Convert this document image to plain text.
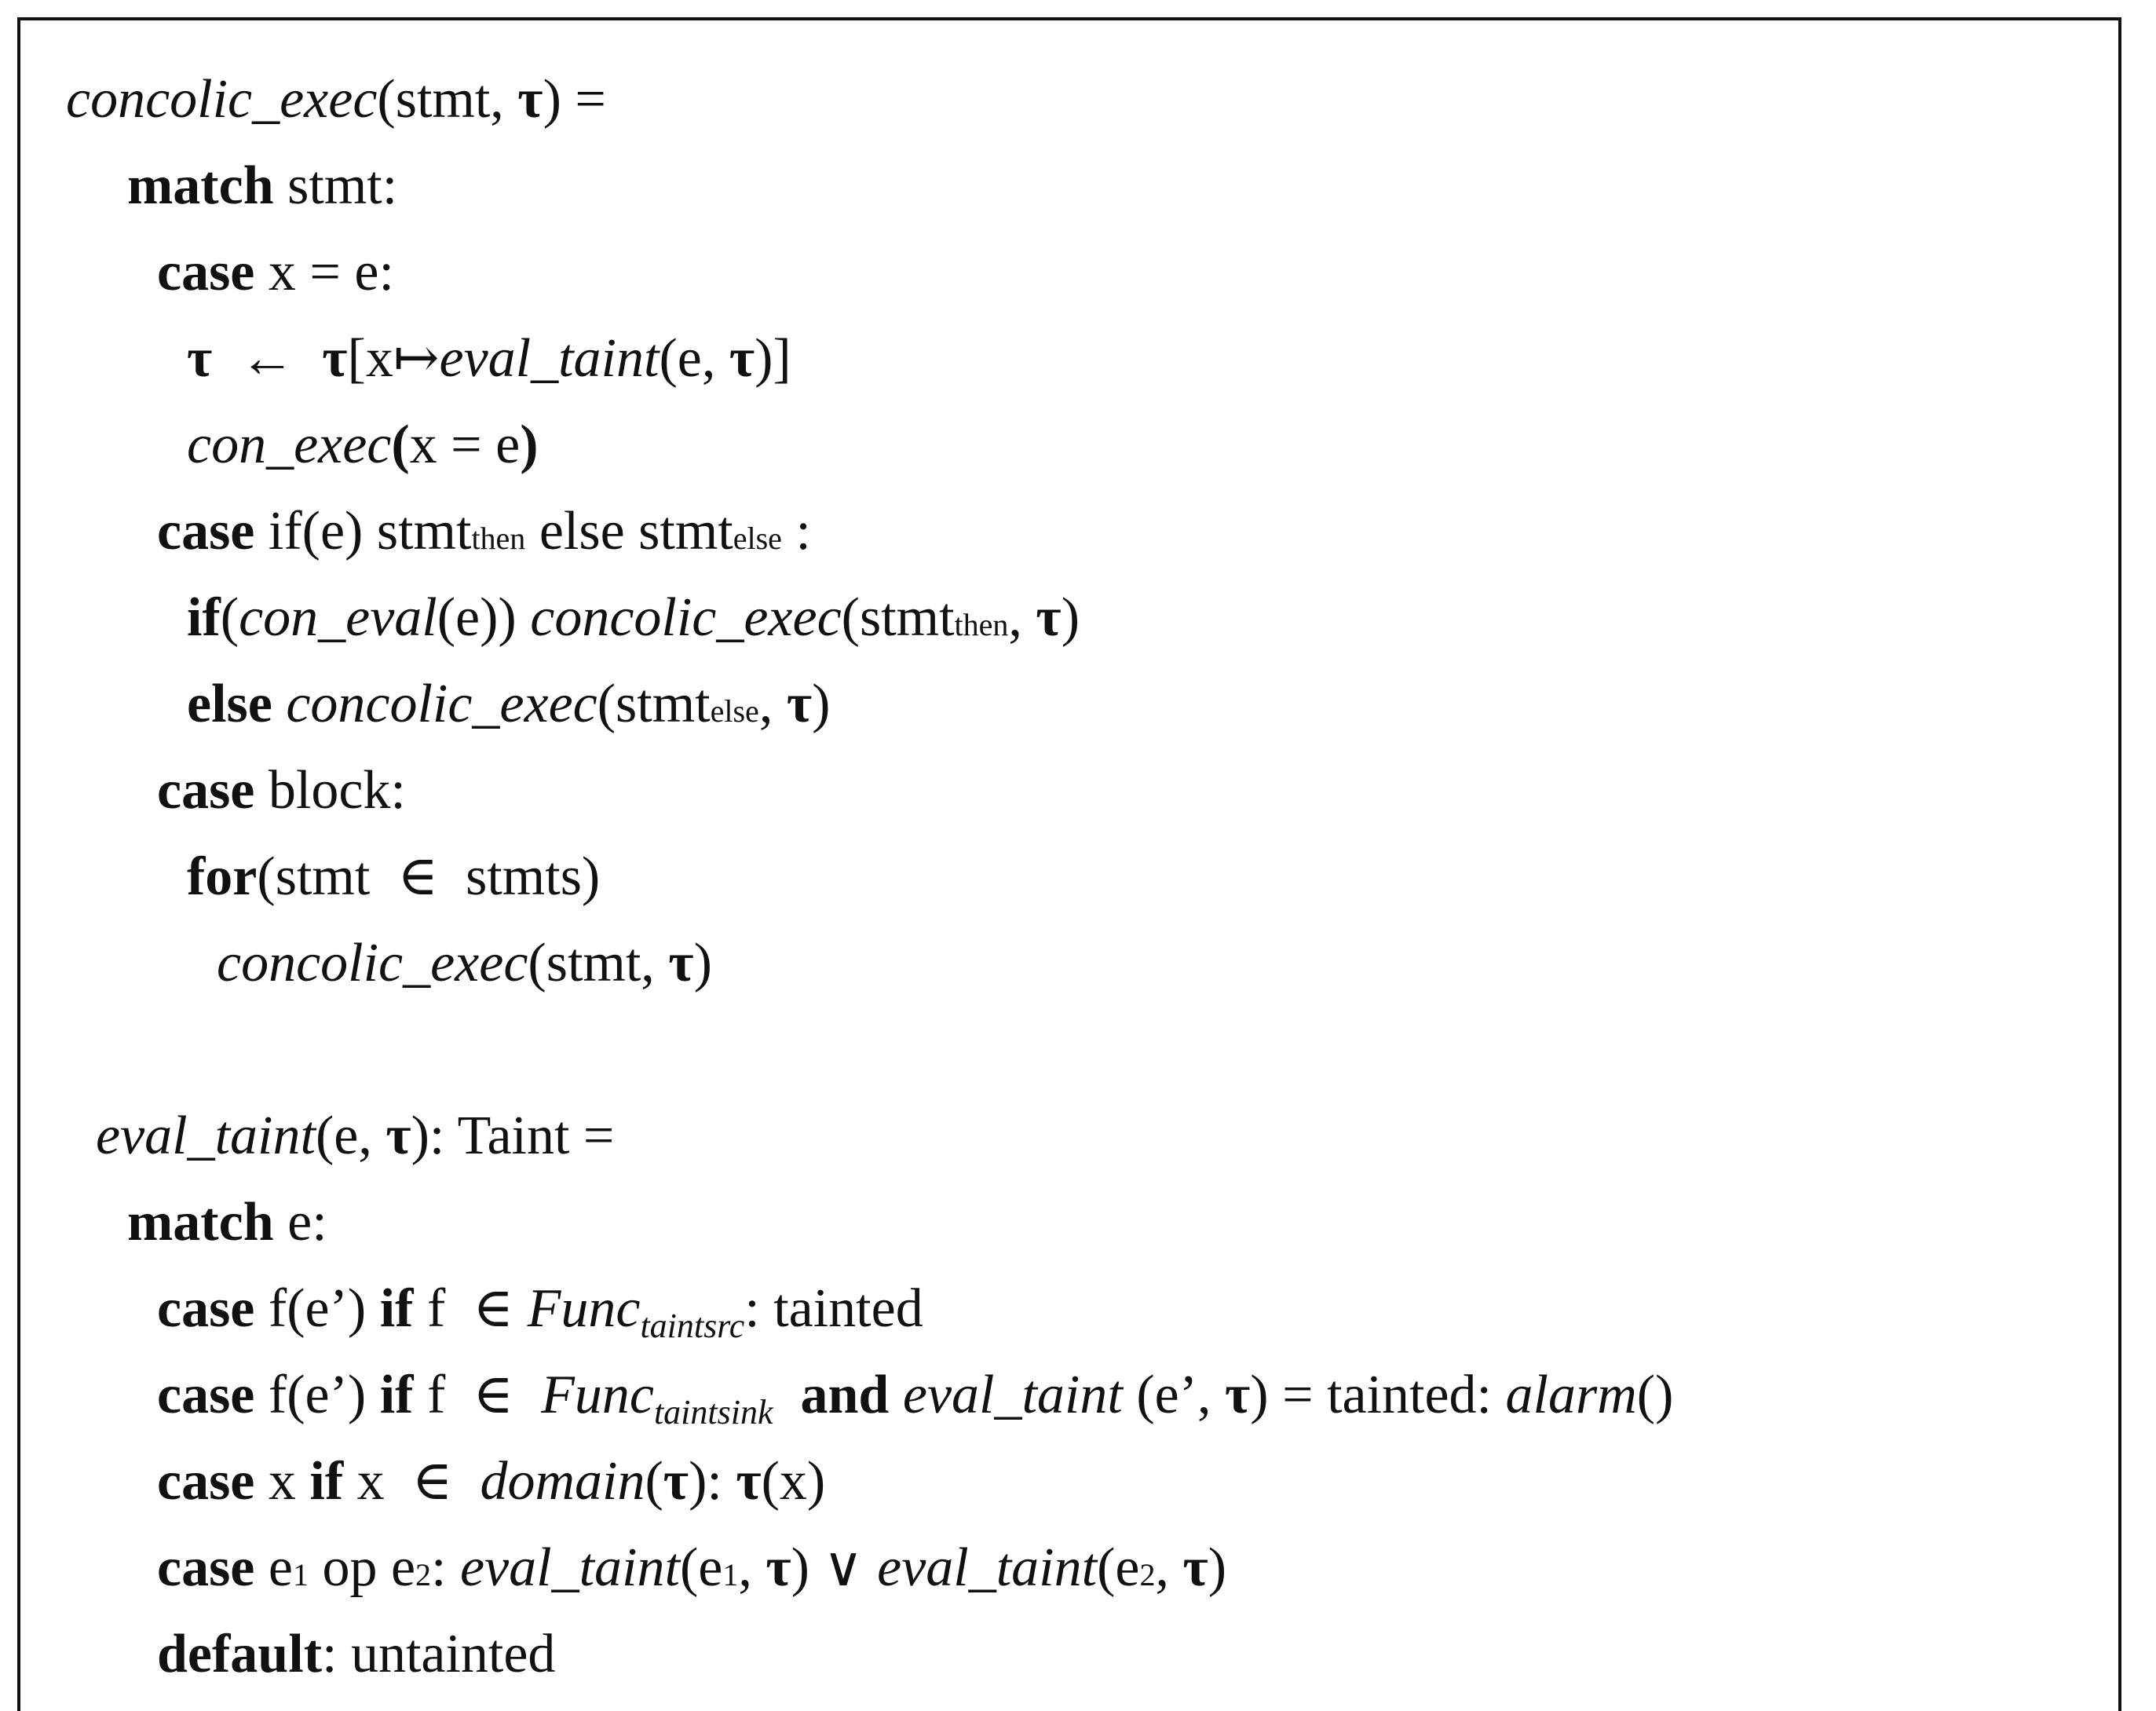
concolic_exec(stmt, τ) =
match stmt:
case x = e:
τ  ←  τ[x↦eval_taint(e, τ)]
con_exec(x = e)
case if(e) stmtthen else stmtelse :
if(con_eval(e)) concolic_exec(stmtthen, τ)
else concolic_exec(stmtelse, τ)
case block:
for(stmt  ∈  stmts)
concolic_exec(stmt, τ)
eval_taint(e, τ): Taint =
match e:
case f(e’) if f  ∈ Func$_{taintsrc}$: tainted
case f(e’) if f  ∈  Func$_{taintsink}$ and eval_taint (e’, τ) = tainted: alarm()
case x if x  ∈  domain(τ): τ(x)
case e1 op e2: eval_taint(e1, τ) ∨ eval_taint(e2, τ)
default: untainted
